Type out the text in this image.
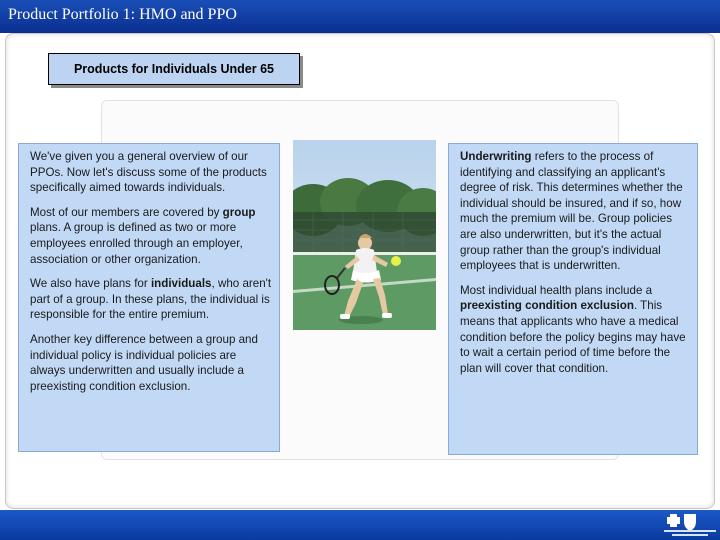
Product Portfolio 1: HMO and PPO
Products for Individuals Under 65

We've given you a general overview of our PPOs. Now let's discuss some of the products specifically aimed towards individuals.

Most of our members are covered by group plans. A group is defined as two or more employees enrolled through an employer, association or other organization.

We also have plans for individuals, who aren't part of a group. In these plans, the individual is responsible for the entire premium.

Another key difference between a group and individual policy is individual policies are always underwritten and usually include a preexisting condition exclusion.

Underwriting refers to the process of identifying and classifying an applicant's degree of risk. This determines whether the individual should be insured, and if so, how much the premium will be. Group policies are also underwritten, but it's the actual group rather than the group's individual employees that is underwritten.

Most individual health plans include a preexisting condition exclusion. This means that applicants who have a medical condition before the policy begins may have to wait a certain period of time before the plan will cover that condition.
